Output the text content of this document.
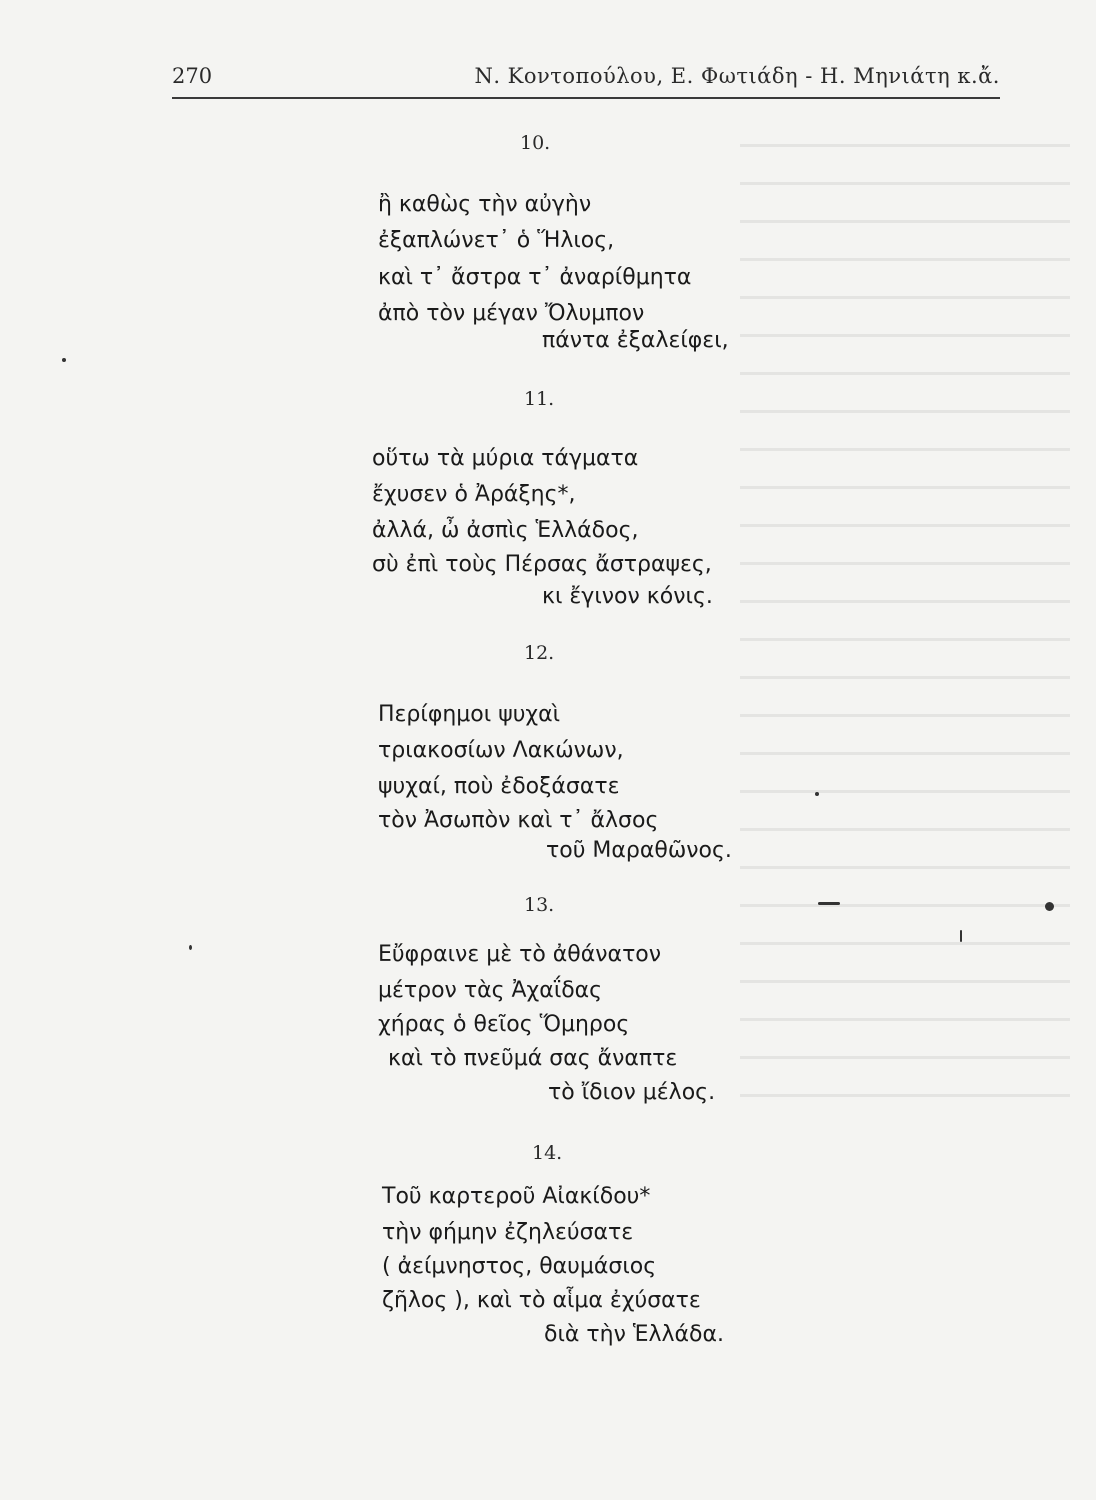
270	Ν. Κοντοπούλου, Ε. Φωτιάδη - Η. Μηνιάτη κ.ἄ.
10.
ἢ καθὼς τὴν αὐγὴν
ἐξαπλώνετ᾽ ὁ Ἥλιος,
καὶ τ᾽ ἄστρα τ᾽ ἀναρίθμητα
ἀπὸ τὸν μέγαν Ὄλυμπον
πάντα ἐξαλείφει,
11.
οὕτω τὰ μύρια τάγματα
ἔχυσεν ὁ Ἀράξης*,
ἀλλά, ὦ ἀσπὶς Ἑλλάδος,
σὺ ἐπὶ τοὺς Πέρσας ἄστραψες,
κι ἔγινον κόνις.
12.
Περίφημοι ψυχαὶ
τριακοσίων Λακώνων,
ψυχαί, ποὺ ἐδοξάσατε
τὸν Ἀσωπὸν καὶ τ᾽ ἄλσος
τοῦ Μαραθῶνος.
13.
Εὔφραινε μὲ τὸ ἀθάνατον
μέτρον τὰς Ἀχαΐδας
χήρας ὁ θεῖος Ὅμηρος
καὶ τὸ πνεῦμά σας ἄναπτε
τὸ ἴδιον μέλος.
14.
Τοῦ καρτεροῦ Αἰακίδου*
τὴν φήμην ἐζηλεύσατε
( ἀείμνηστος, θαυμάσιος
ζῆλος ), καὶ τὸ αἷμα ἐχύσατε
διὰ τὴν Ἑλλάδα.
